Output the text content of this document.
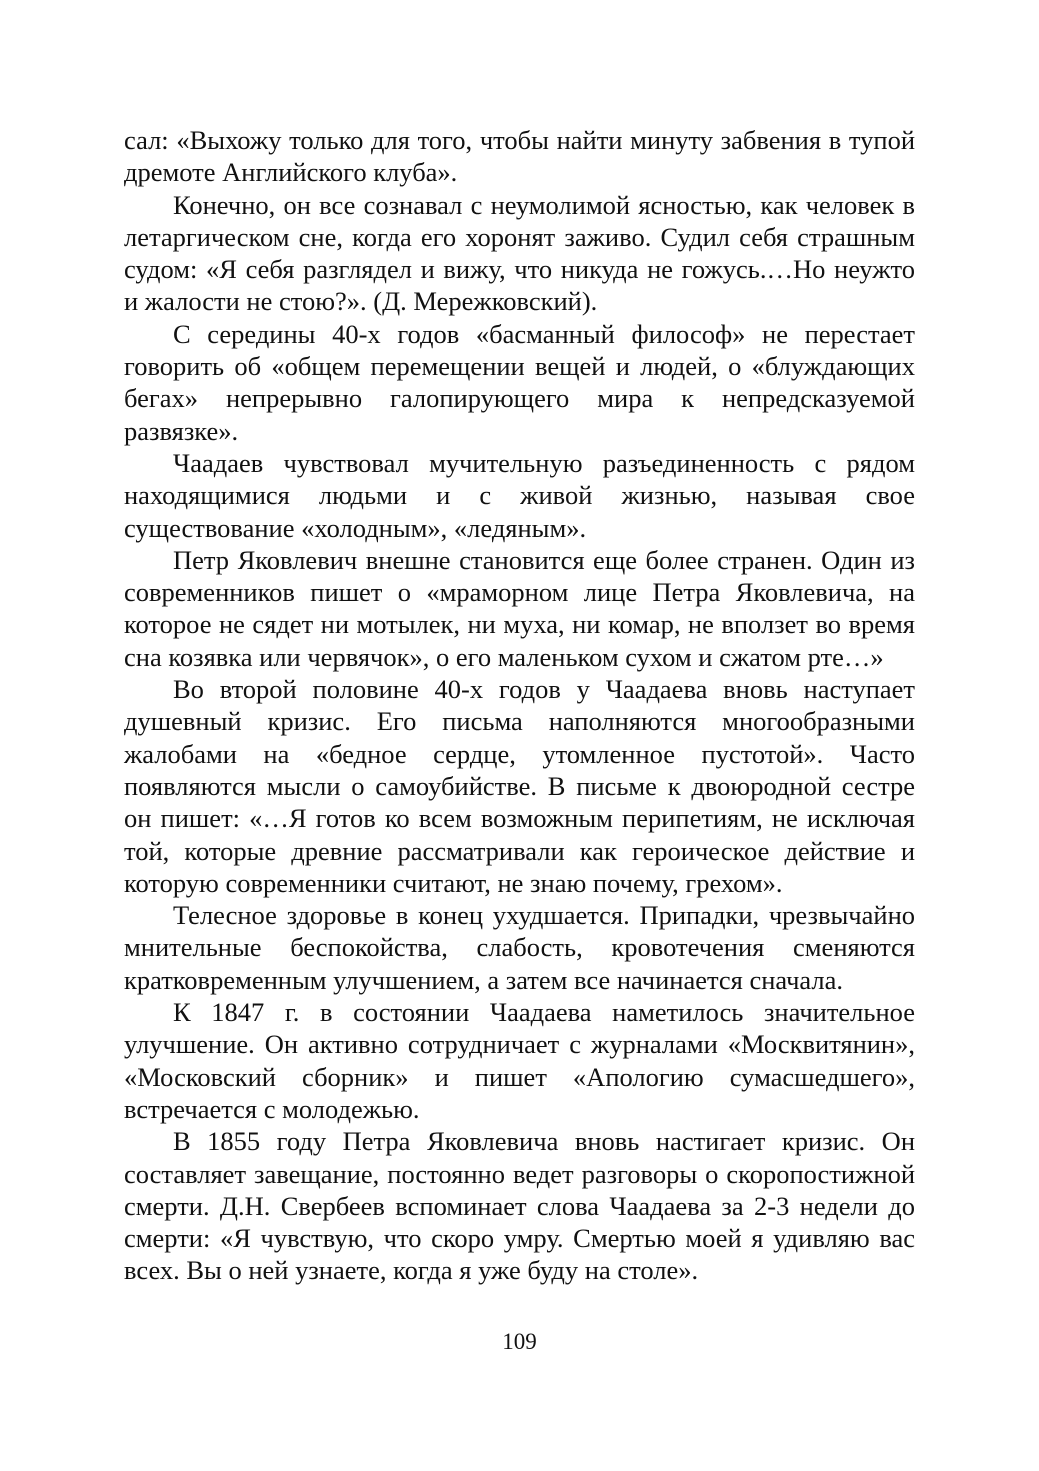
сал: «Выхожу только для того, чтобы найти минуту забвения в тупой дремоте Английского клуба».

Конечно, он все сознавал с неумолимой ясностью, как человек в летаргическом сне, когда его хоронят заживо. Судил себя страшным судом: «Я себя разглядел и вижу, что никуда не гожусь.…Но неужто и жалости не стою?». (Д. Мережковский).

С середины 40-х годов «басманный философ» не перестает говорить об «общем перемещении вещей и людей, о «блуждающих бегах» непрерывно галопирующего мира к непредсказуемой развязке».

Чаадаев чувствовал мучительную разъединенность с рядом находящимися людьми и с живой жизнью, называя свое существование «холодным», «ледяным».

Петр Яковлевич внешне становится еще более странен. Один из современников пишет о «мраморном лице Петра Яковлевича, на которое не сядет ни мотылек, ни муха, ни комар, не вползет во время сна козявка или червячок», о его маленьком сухом и сжатом рте…»

Во второй половине 40-х годов у Чаадаева вновь наступает душевный кризис. Его письма наполняются многообразными жалобами на «бедное сердце, утомленное пустотой». Часто появляются мысли о самоубийстве. В письме к двоюродной сестре он пишет: «…Я готов ко всем возможным перипетиям, не исключая той, которые древние рассматривали как героическое действие и которую современники считают, не знаю почему, грехом».

Телесное здоровье в конец ухудшается. Припадки, чрезвычайно мнительные беспокойства, слабость, кровотечения сменяются кратковременным улучшением, а затем все начинается сначала.

К 1847 г. в состоянии Чаадаева наметилось значительное улучшение. Он активно сотрудничает с журналами «Москвитянин», «Московский сборник» и пишет «Апологию сумасшедшего», встречается с молодежью.

В 1855 году Петра Яковлевича вновь настигает кризис. Он составляет завещание, постоянно ведет разговоры о скоропостижной смерти. Д.Н. Свербеев вспоминает слова Чаадаева за 2-3 недели до смерти: «Я чувствую, что скоро умру. Смертью моей я удивляю вас всех. Вы о ней узнаете, когда я уже буду на столе».

109
